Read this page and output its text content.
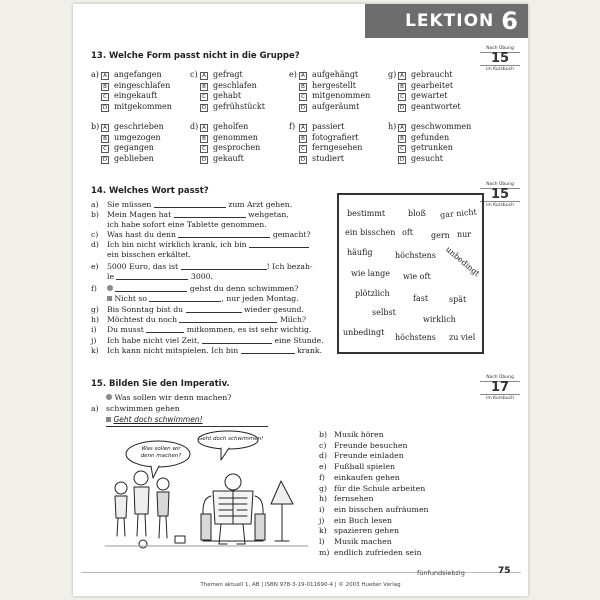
LEKTION 6
13. Welche Form passt nicht in die Gruppe?
Nach Übung
15
im Kursbuch
a) A angefangen
B eingeschlafen
C eingekauft
D mitgekommen
c) A gefragt
B geschlafen
C gehabt
D gefrühstückt
e) A aufgehängt
B hergestellt
C mitgenommen
D aufgeräumt
g) A gebraucht
B gearbeitet
C gewartet
D geantwortet
b) A geschrieben
B umgezogen
C gegangen
D geblieben
d) A geholfen
B genommen
C gesprochen
D gekauft
f)	A passiert
B fotografiert
C ferngesehen
D studiert
h) A geschwommen
B gefunden
C getrunken
D gesucht
14. Welches Wort passt?
Nach Übung
15
im Kursbuch
a) Sie müssen	zum Arzt gehen.
b) Mein Magen hat	wehgetan,
ich habe sofort eine Tablette genommen.
c) Was hast du denn	gemacht?
d) Ich bin nicht wirklich krank, ich bin
ein bisschen erkältet.
e) 5000 Euro, das ist	! Ich bezah-
le	3000.
f)	gehst du denn schwimmen?
Nicht so	, nur jeden Montag.
g) Bis Sonntag bist du	wieder gesund.
h) Möchtest du noch	Milch?
i) Du musst	mitkommen, es ist sehr wichtig.
j) Ich habe nicht viel Zeit,	eine Stunde.
k) Ich kann nicht mitspielen. Ich bin	krank.
bestimmt	bloß gar nicht
ein bisschen oft gern nur
häufig	höchstens unbedingt
wie lange wie oft
plötzlich
fast	spät
selbst
wirklich
unbedingt
höchstens zu viel
15. Bilden Sie den Imperativ.
Nach Übung
17
im Kursbuch
Was sollen wir denn machen?
a) schwimmen gehen
Geht doch schwimmen!
Was sollen wir denn machen?
Geht doch schwimmen!	b) Musik hören
c) Freunde besuchen
d) Freunde einladen
e) Fußball spielen
f) einkaufen gehen
g) für die Schule arbeiten
h) fernsehen
i) ein bisschen aufräumen
j) ein Buch lesen
k) spazieren gehen
l) Musik machen
m) endlich zufrieden sein
fünfundsiebzig	75
Themen aktuell 1, AB | ISBN 978-3-19-011690-4 | © 2003 Hueber Verlag
